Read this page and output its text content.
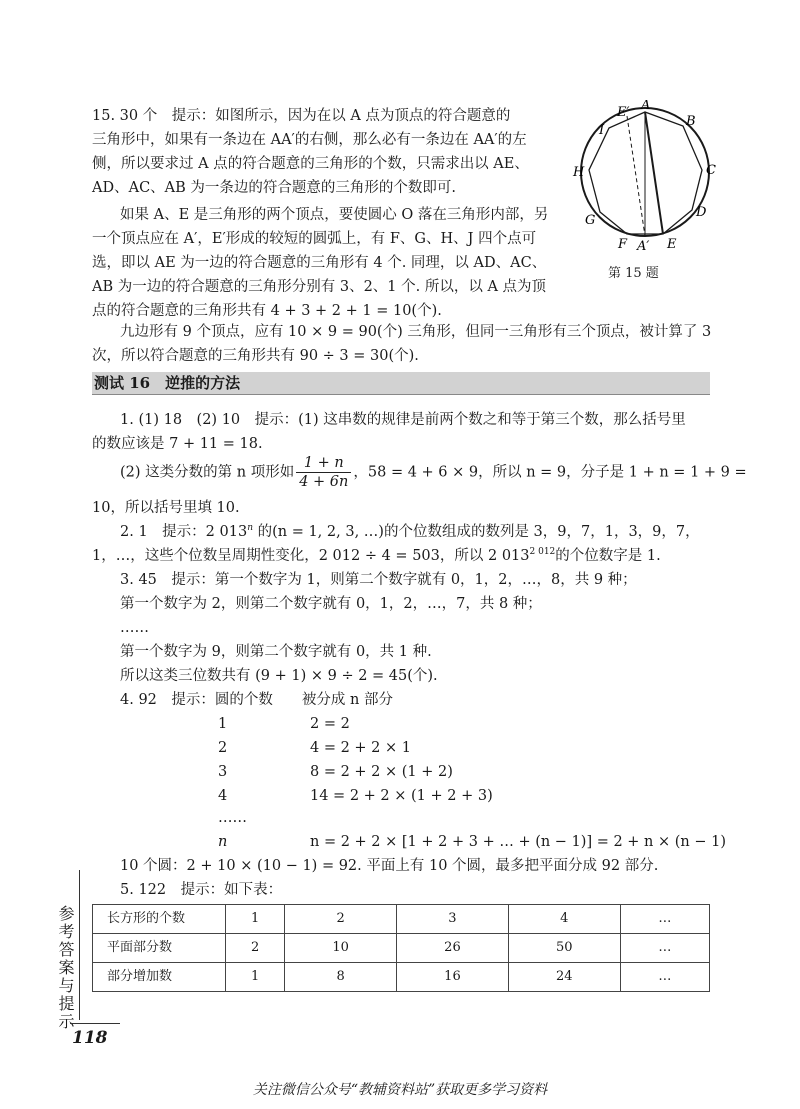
15. 30 个　提示：如图所示，因为在以 A 点为顶点的符合题意的
三角形中，如果有一条边在 AA′的右侧，那么必有一条边在 AA′的左
侧，所以要求过 A 点的符合题意的三角形的个数，只需求出以 AE、
AD、AC、AB 为一条边的符合题意的三角形的个数即可.
如果 A、E 是三角形的两个顶点，要使圆心 O 落在三角形内部，另
一个顶点应在 A′，E′形成的较短的圆弧上，有 F、G、H、J 四个点可
选，即以 AE 为一边的符合题意的三角形有 4 个. 同理，以 AD、AC、
AB 为一边的符合题意的三角形分别有 3、2、1 个. 所以，以 A 点为顶
点的符合题意的三角形共有 4 + 3 + 2 + 1 = 10(个).
九边形有 9 个顶点，应有 10 × 9 = 90(个) 三角形，但同一三角形有三个顶点，被计算了 3
次，所以符合题意的三角形共有 90 ÷ 3 = 30(个).
A
B
C
D
E
F
G
H
I
E′
A′
第 15 题
测试 16　逆推的方法
1. (1) 18　(2) 10　提示：(1) 这串数的规律是前两个数之和等于第三个数，那么括号里
的数应该是 7 + 11 = 18.
(2) 这类分数的第 n 项形如 $\frac{1 + n}{4 + 6n}$ ，58 = 4 + 6 × 9，所以 n = 9，分子是 1 + n = 1 + 9 =
10，所以括号里填 10.
2. 1　提示：2 013$^n$ 的(n = 1, 2, 3, …)的个位数组成的数列是 3，9，7，1，3，9，7，
1，…，这些个位数呈周期性变化，2 012 ÷ 4 = 503，所以 2 $013^{2 012}$的个位数字是 1.
3. 45　提示：第一个数字为 1，则第二个数字就有 0，1，2，…，8，共 9 种；
第一个数字为 2，则第二个数字就有 0，1，2，…，7，共 8 种；
……
第一个数字为 9，则第二个数字就有 0，共 1 种.
所以这类三位数共有 (9 + 1) × 9 ÷ 2 = 45(个).
4. 92　提示：圆的个数　　被分成 n 部分
1	2 = 2
2	4 = 2 + 2 × 1
3	8 = 2 + 2 × (1 + 2)
4	14 = 2 + 2 × (1 + 2 + 3)
……
n	n = 2 + 2 × [1 + 2 + 3 + … + (n − 1)] = 2 + n × (n − 1)
10 个圆：2 + 10 × (10 − 1) = 92. 平面上有 10 个圆，最多把平面分成 92 部分.
5. 122　提示：如下表：
长方形的个数	1	2	3	4	…
平面部分数	2	10	26	50	…
部分增加数	1	8	16	24	…
参考答案与提示
118
关注微信公众号“教辅资料站”获取更多学习资料
